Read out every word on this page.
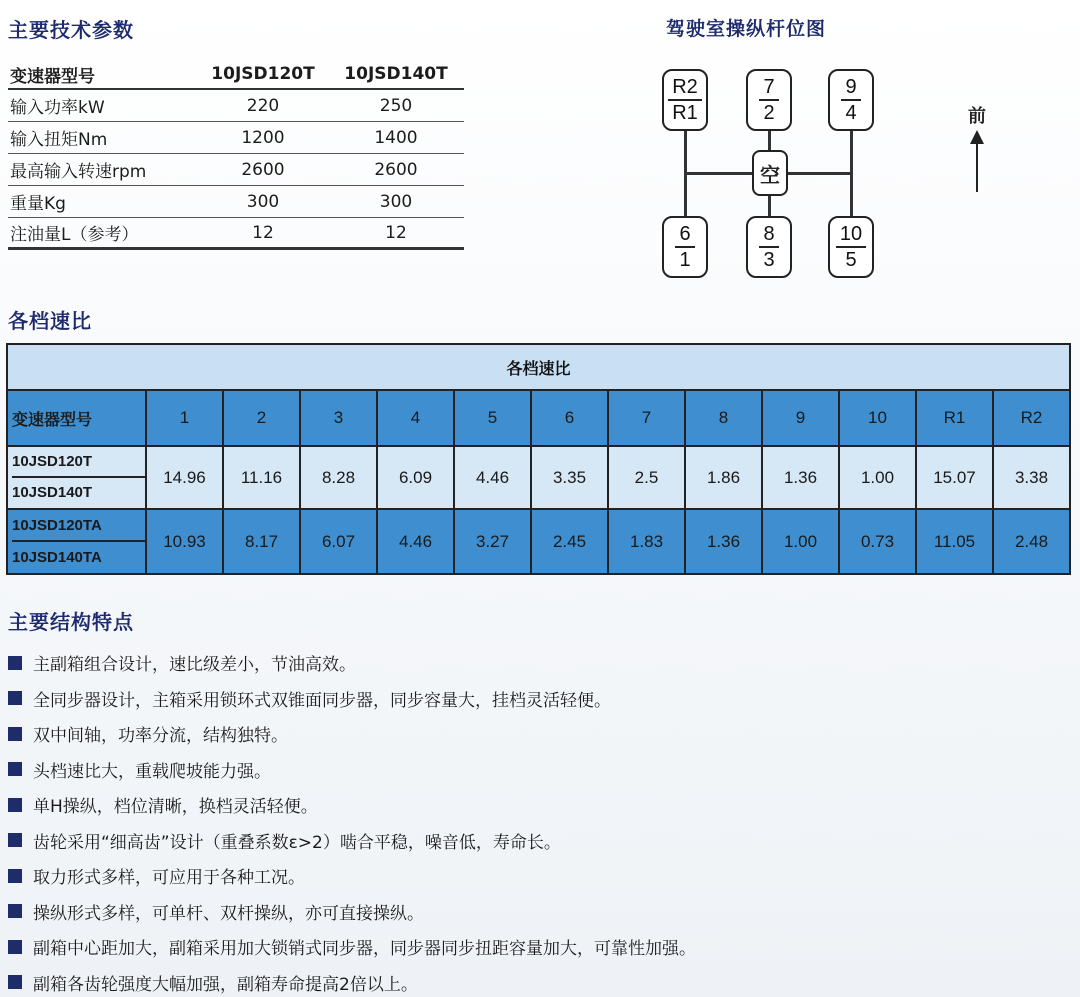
主要技术参数
变速器型号	10JSD120T	10JSD140T
输入功率kW	220	250
输入扭矩Nm	1200	1400
最高输入转速rpm	2600	2600
重量Kg	300	300
注油量L（参考）	12	12
驾驶室操纵杆位图
R2
R1
7
2
9
4
空
6
1
8
3
10
5
前
各档速比
各档速比
变速器型号	1	2	3	4	5	6	7	8	9	10	R1	R2
10JSD120T
10JSD140T
14.96	11.16	8.28	6.09	4.46	3.35	2.5	1.86	1.36	1.00	15.07	3.38
10JSD120TA
10JSD140TA
10.93	8.17	6.07	4.46	3.27	2.45	1.83	1.36	1.00	0.73	11.05	2.48
主要结构特点
主副箱组合设计，速比级差小，节油高效。
全同步器设计，主箱采用锁环式双锥面同步器，同步容量大，挂档灵活轻便。
双中间轴，功率分流，结构独特。
头档速比大，重载爬坡能力强。
单H操纵，档位清晰，换档灵活轻便。
齿轮采用“细高齿”设计（重叠系数ε>2）啮合平稳，噪音低，寿命长。
取力形式多样，可应用于各种工况。
操纵形式多样，可单杆、双杆操纵，亦可直接操纵。
副箱中心距加大，副箱采用加大锁销式同步器，同步器同步扭距容量加大，可靠性加强。
副箱各齿轮强度大幅加强，副箱寿命提高2倍以上。
